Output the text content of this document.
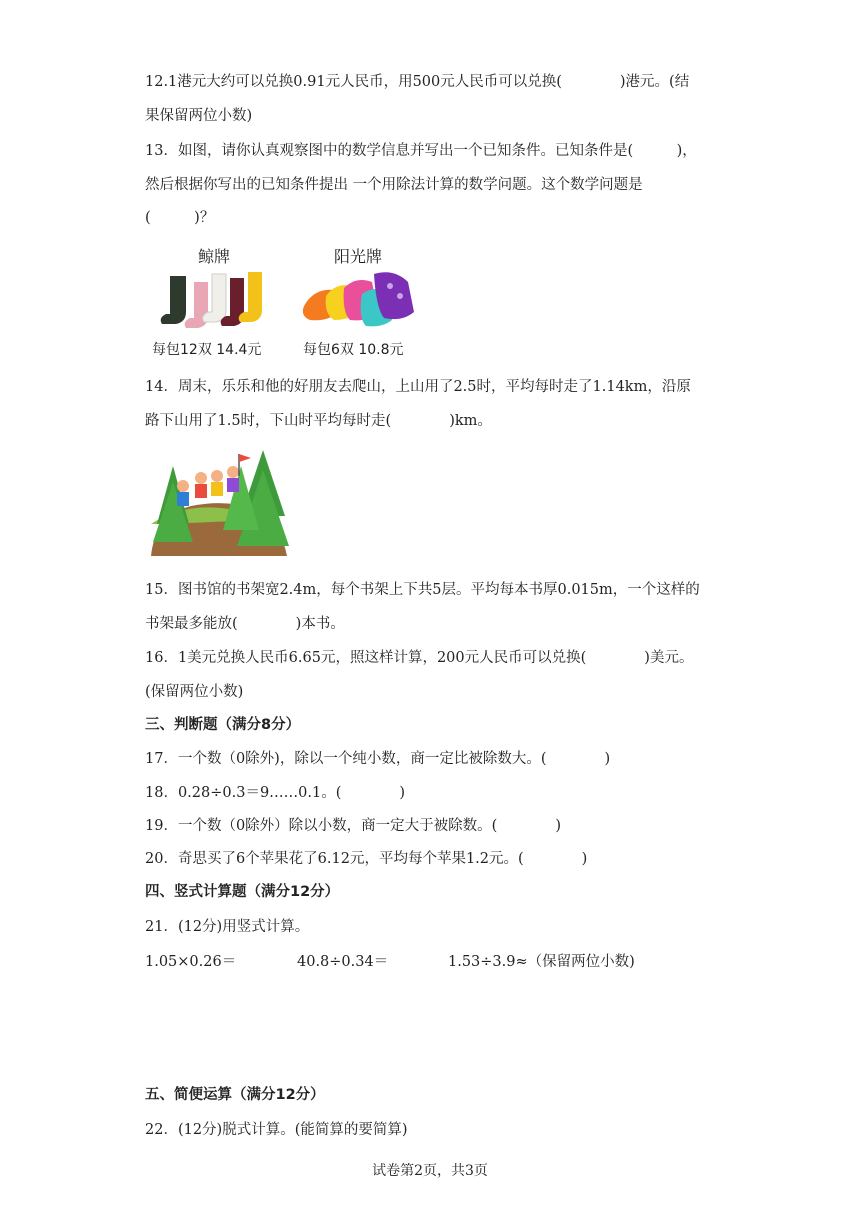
12.1港元大约可以兑换0.91元人民币，用500元人民币可以兑换(　　　　)港元。(结
果保留两位小数)
13．如图，请你认真观察图中的数学信息并写出一个已知条件。已知条件是(　　　)，
然后根据你写出的已知条件提出 一个用除法计算的数学问题。这个数学问题是
(　　　)？
鲸牌	阳光牌
每包12双 14.4元	每包6双 10.8元
14．周末，乐乐和他的好朋友去爬山，上山用了2.5时，平均每时走了1.14km，沿原
路下山用了1.5时，下山时平均每时走(　　　　)km。
15．图书馆的书架宽2.4m，每个书架上下共5层。平均每本书厚0.015m，一个这样的
书架最多能放(　　　　)本书。
16．1美元兑换人民币6.65元，照这样计算，200元人民币可以兑换(　　　　)美元。
(保留两位小数)
三、判断题（满分8分）
17．一个数（0除外)，除以一个纯小数，商一定比被除数大。(　　　　)
18．0.28÷0.3＝9……0.1。(　　　　)
19．一个数（0除外）除以小数，商一定大于被除数。(　　　　)
20．奇思买了6个苹果花了6.12元，平均每个苹果1.2元。(　　　　)
四、竖式计算题（满分12分）
21．(12分)用竖式计算。
1.05×0.26＝	40.8÷0.34＝	1.53÷3.9≈（保留两位小数)
五、简便运算（满分12分）
22．(12分)脱式计算。(能简算的要简算)
试卷第2页，共3页
